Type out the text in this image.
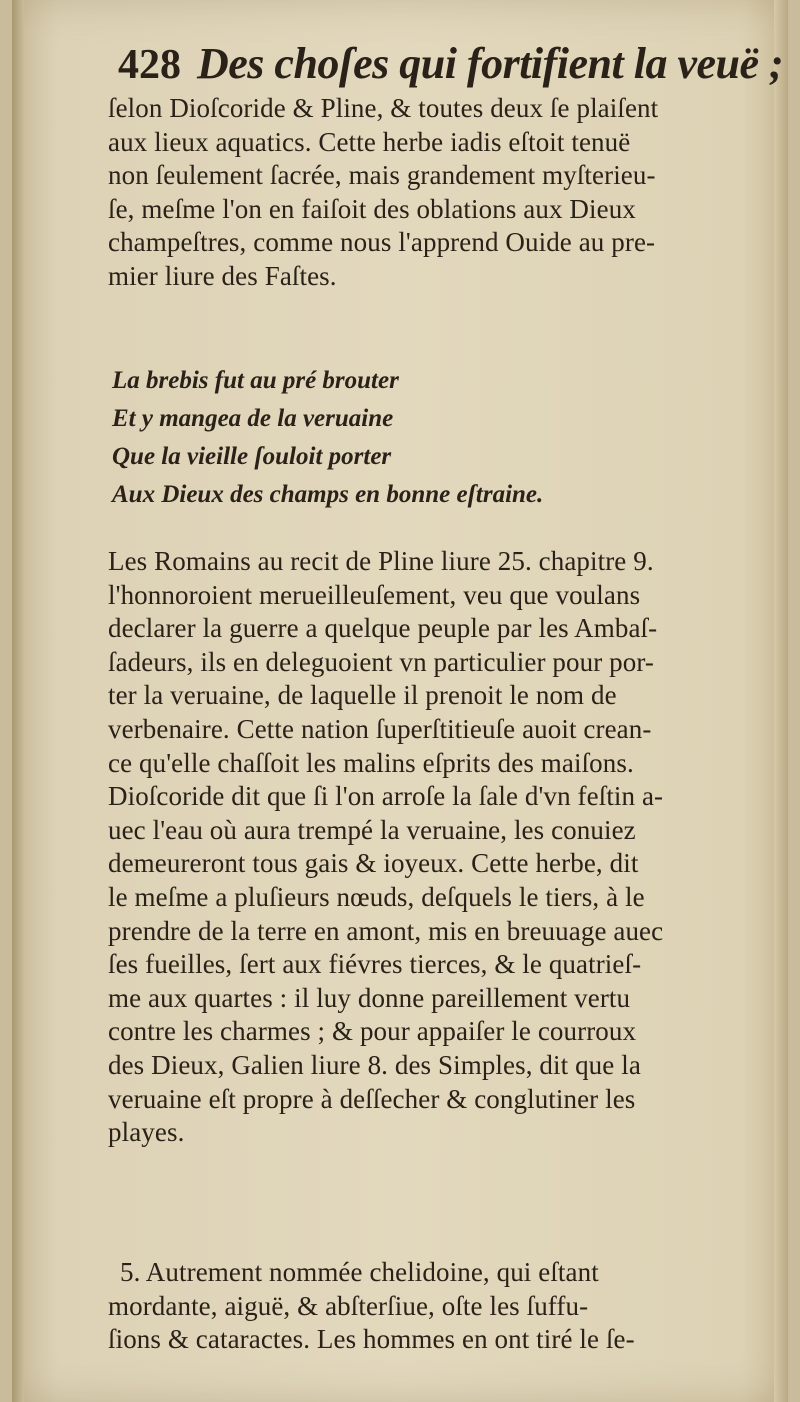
428 Des choſes qui fortifient la veuë ;
ſelon Dioſcoride & Pline, & toutes deux ſe plaiſent
aux lieux aquatics. Cette herbe iadis eſtoit tenuë
non ſeulement ſacrée, mais grandement myſterieu-
ſe, meſme l'on en faiſoit des oblations aux Dieux
champeſtres, comme nous l'apprend Ouide au pre-
mier liure des Faſtes.
La brebis fut au pré brouter
Et y mangea de la veruaine
Que la vieille ſouloit porter
Aux Dieux des champs en bonne eſtraine.
Les Romains au recit de Pline liure 25. chapitre 9.
l'honnoroient merueilleuſement, veu que voulans
declarer la guerre a quelque peuple par les Ambaſ-
ſadeurs, ils en deleguoient vn particulier pour por-
ter la veruaine, de laquelle il prenoit le nom de
verbenaire. Cette nation ſuperſtitieuſe auoit crean-
ce qu'elle chaſſoit les malins eſprits des maiſons.
Dioſcoride dit que ſi l'on arroſe la ſale d'vn feſtin a-
uec l'eau où aura trempé la veruaine, les conuiez
demeureront tous gais & ioyeux. Cette herbe, dit
le meſme a pluſieurs nœuds, deſquels le tiers, à le
prendre de la terre en amont, mis en breuuage auec
ſes fueilles, ſert aux fiévres tierces, & le quatrieſ-
me aux quartes : il luy donne pareillement vertu
contre les charmes ; & pour appaiſer le courroux
des Dieux, Galien liure 8. des Simples, dit que la
veruaine eſt propre à deſſecher & conglutiner les
playes.
5. Autrement nommée chelidoine, qui eſtant
mordante, aiguë, & abſterſiue, oſte les ſuffu-
ſions & cataractes. Les hommes en ont tiré le ſe-
